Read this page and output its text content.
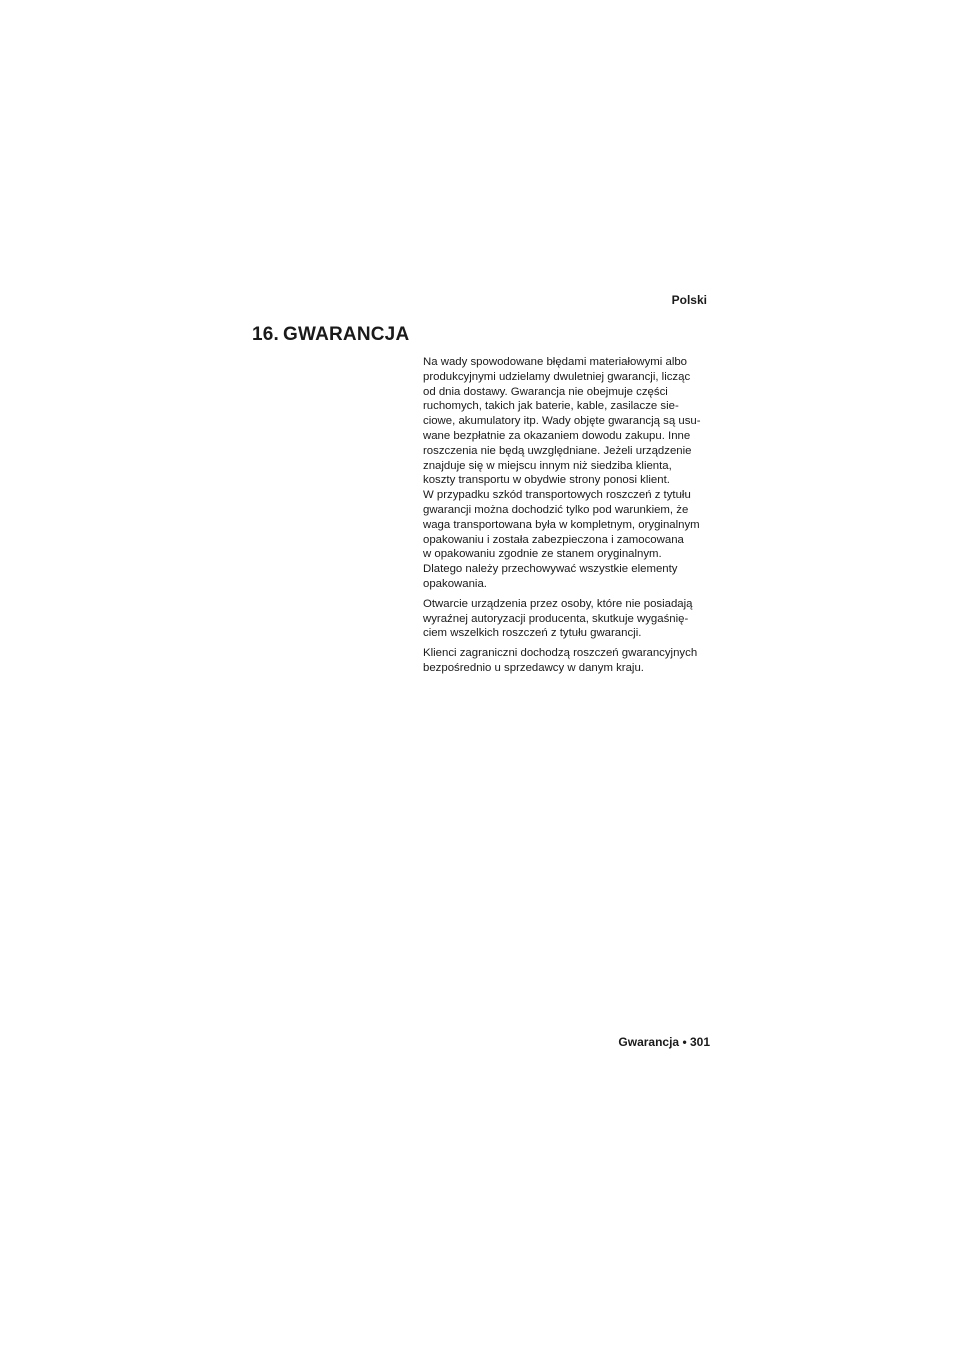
Polski
16. GWARANCJA

Na wady spowodowane błędami materiałowymi albo
produkcyjnymi udzielamy dwuletniej gwarancji, licząc
od dnia dostawy. Gwarancja nie obejmuje części
ruchomych, takich jak baterie, kable, zasilacze sie-
ciowe, akumulatory itp. Wady objęte gwarancją są usu-
wane bezpłatnie za okazaniem dowodu zakupu. Inne
roszczenia nie będą uwzględniane. Jeżeli urządzenie
znajduje się w miejscu innym niż siedziba klienta,
koszty transportu w obydwie strony ponosi klient.
W przypadku szkód transportowych roszczeń z tytułu
gwarancji można dochodzić tylko pod warunkiem, że
waga transportowana była w kompletnym, oryginalnym
opakowaniu i została zabezpieczona i zamocowana
w opakowaniu zgodnie ze stanem oryginalnym.
Dlatego należy przechowywać wszystkie elementy
opakowania.

Otwarcie urządzenia przez osoby, które nie posiadają
wyraźnej autoryzacji producenta, skutkuje wygaśnię-
ciem wszelkich roszczeń z tytułu gwarancji.

Klienci zagraniczni dochodzą roszczeń gwarancyjnych
bezpośrednio u sprzedawcy w danym kraju.

Gwarancja • 301
